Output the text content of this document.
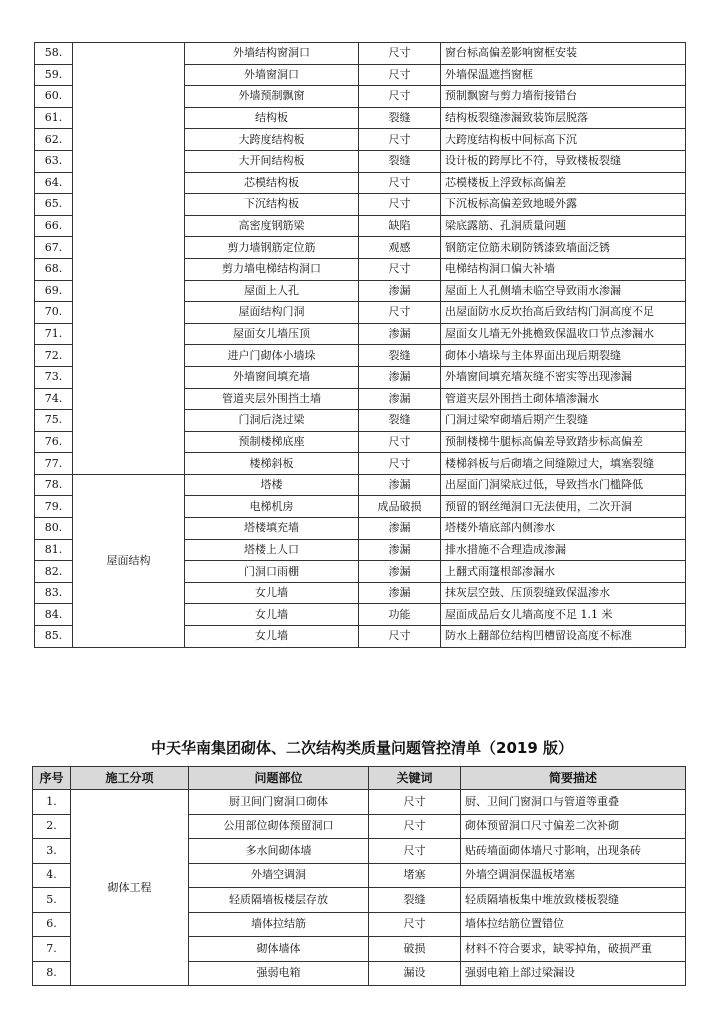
58.		外墙结构窗洞口	尺寸	窗台标高偏差影响窗框安装
59.		外墙窗洞口	尺寸	外墙保温遮挡窗框
60.		外墙预制飘窗	尺寸	预制飘窗与剪力墙衔接错台
61.		结构板	裂缝	结构板裂缝渗漏致装饰层脱落
62.		大跨度结构板	尺寸	大跨度结构板中间标高下沉
63.		大开间结构板	裂缝	设计板的跨厚比不符，导致楼板裂缝
64.		芯模结构板	尺寸	芯模楼板上浮致标高偏差
65.		下沉结构板	尺寸	下沉板标高偏差致地暖外露
66.		高密度钢筋梁	缺陷	梁底露筋、孔洞质量问题
67.		剪力墙钢筋定位筋	观感	钢筋定位筋未刷防锈漆致墙面泛锈
68.		剪力墙电梯结构洞口	尺寸	电梯结构洞口偏大补墙
69.		屋面上人孔	渗漏	屋面上人孔侧墙未临空导致雨水渗漏
70.		屋面结构门洞	尺寸	出屋面防水反坎抬高后致结构门洞高度不足
71.		屋面女儿墙压顶	渗漏	屋面女儿墙无外挑檐致保温收口节点渗漏水
72.		进户门砌体小墙垛	裂缝	砌体小墙垛与主体界面出现后期裂缝
73.		外墙窗间填充墙	渗漏	外墙窗间填充墙灰缝不密实等出现渗漏
74.		管道夹层外围挡土墙	渗漏	管道夹层外围挡土砌体墙渗漏水
75.		门洞后浇过梁	裂缝	门洞过梁窄砌墙后期产生裂缝
76.		预制楼梯底座	尺寸	预制楼梯牛腿标高偏差导致踏步标高偏差
77.		楼梯斜板	尺寸	楼梯斜板与后砌墙之间缝隙过大，填塞裂缝
78.	屋面结构	塔楼	渗漏	出屋面门洞梁底过低，导致挡水门槛降低
79.		电梯机房	成品破损	预留的钢丝绳洞口无法使用，二次开洞
80.		塔楼填充墙	渗漏	塔楼外墙底部内侧渗水
81.		塔楼上人口	渗漏	排水措施不合理造成渗漏
82.		门洞口雨棚	渗漏	上翻式雨篷根部渗漏水
83.		女儿墙	渗漏	抹灰层空鼓、压顶裂缝致保温渗水
84.		女儿墙	功能	屋面成品后女儿墙高度不足 1.1 米
85.		女儿墙	尺寸	防水上翻部位结构凹槽留设高度不标准
中天华南集团砌体、二次结构类质量问题管控清单（2019 版）
序号	施工分项	问题部位	关键词	简要描述
1.	砌体工程	厨卫间门窗洞口砌体	尺寸	厨、卫间门窗洞口与管道等重叠
2.		公用部位砌体预留洞口	尺寸	砌体预留洞口尺寸偏差二次补砌
3.		多水间砌体墙	尺寸	贴砖墙面砌体墙尺寸影响，出现条砖
4.		外墙空调洞	堵塞	外墙空调洞保温板堵塞
5.		轻质隔墙板楼层存放	裂缝	轻质隔墙板集中堆放致楼板裂缝
6.		墙体拉结筋	尺寸	墙体拉结筋位置错位
7.		砌体墙体	破损	材料不符合要求，缺零掉角，破损严重
8.		强弱电箱	漏设	强弱电箱上部过梁漏设
